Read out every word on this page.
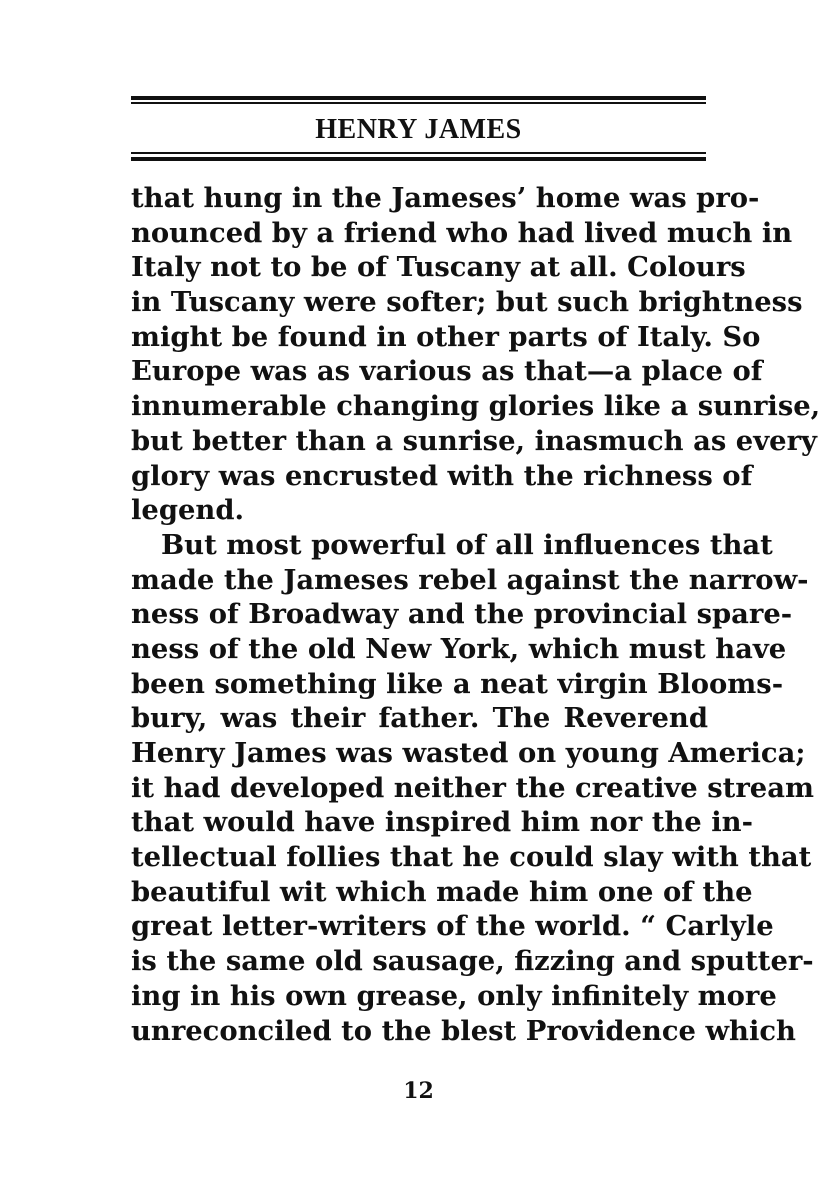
HENRY JAMES
that hung in the Jameses’ home was pro-
nounced by a friend who had lived much in
Italy not to be of Tuscany at all. Colours
in Tuscany were softer; but such brightness
might be found in other parts of Italy. So
Europe was as various as that—a place of
innumerable changing glories like a sunrise,
but better than a sunrise, inasmuch as every
glory was encrusted with the richness of
legend.
But most powerful of all influences that
made the Jameses rebel against the narrow-
ness of Broadway and the provincial spare-
ness of the old New York, which must have
been something like a neat virgin Blooms-
bury, was their father. The Reverend
Henry James was wasted on young America;
it had developed neither the creative stream
that would have inspired him nor the in-
tellectual follies that he could slay with that
beautiful wit which made him one of the
great letter-writers of the world. “ Carlyle
is the same old sausage, fizzing and sputter-
ing in his own grease, only infinitely more
unreconciled to the blest Providence which
12
